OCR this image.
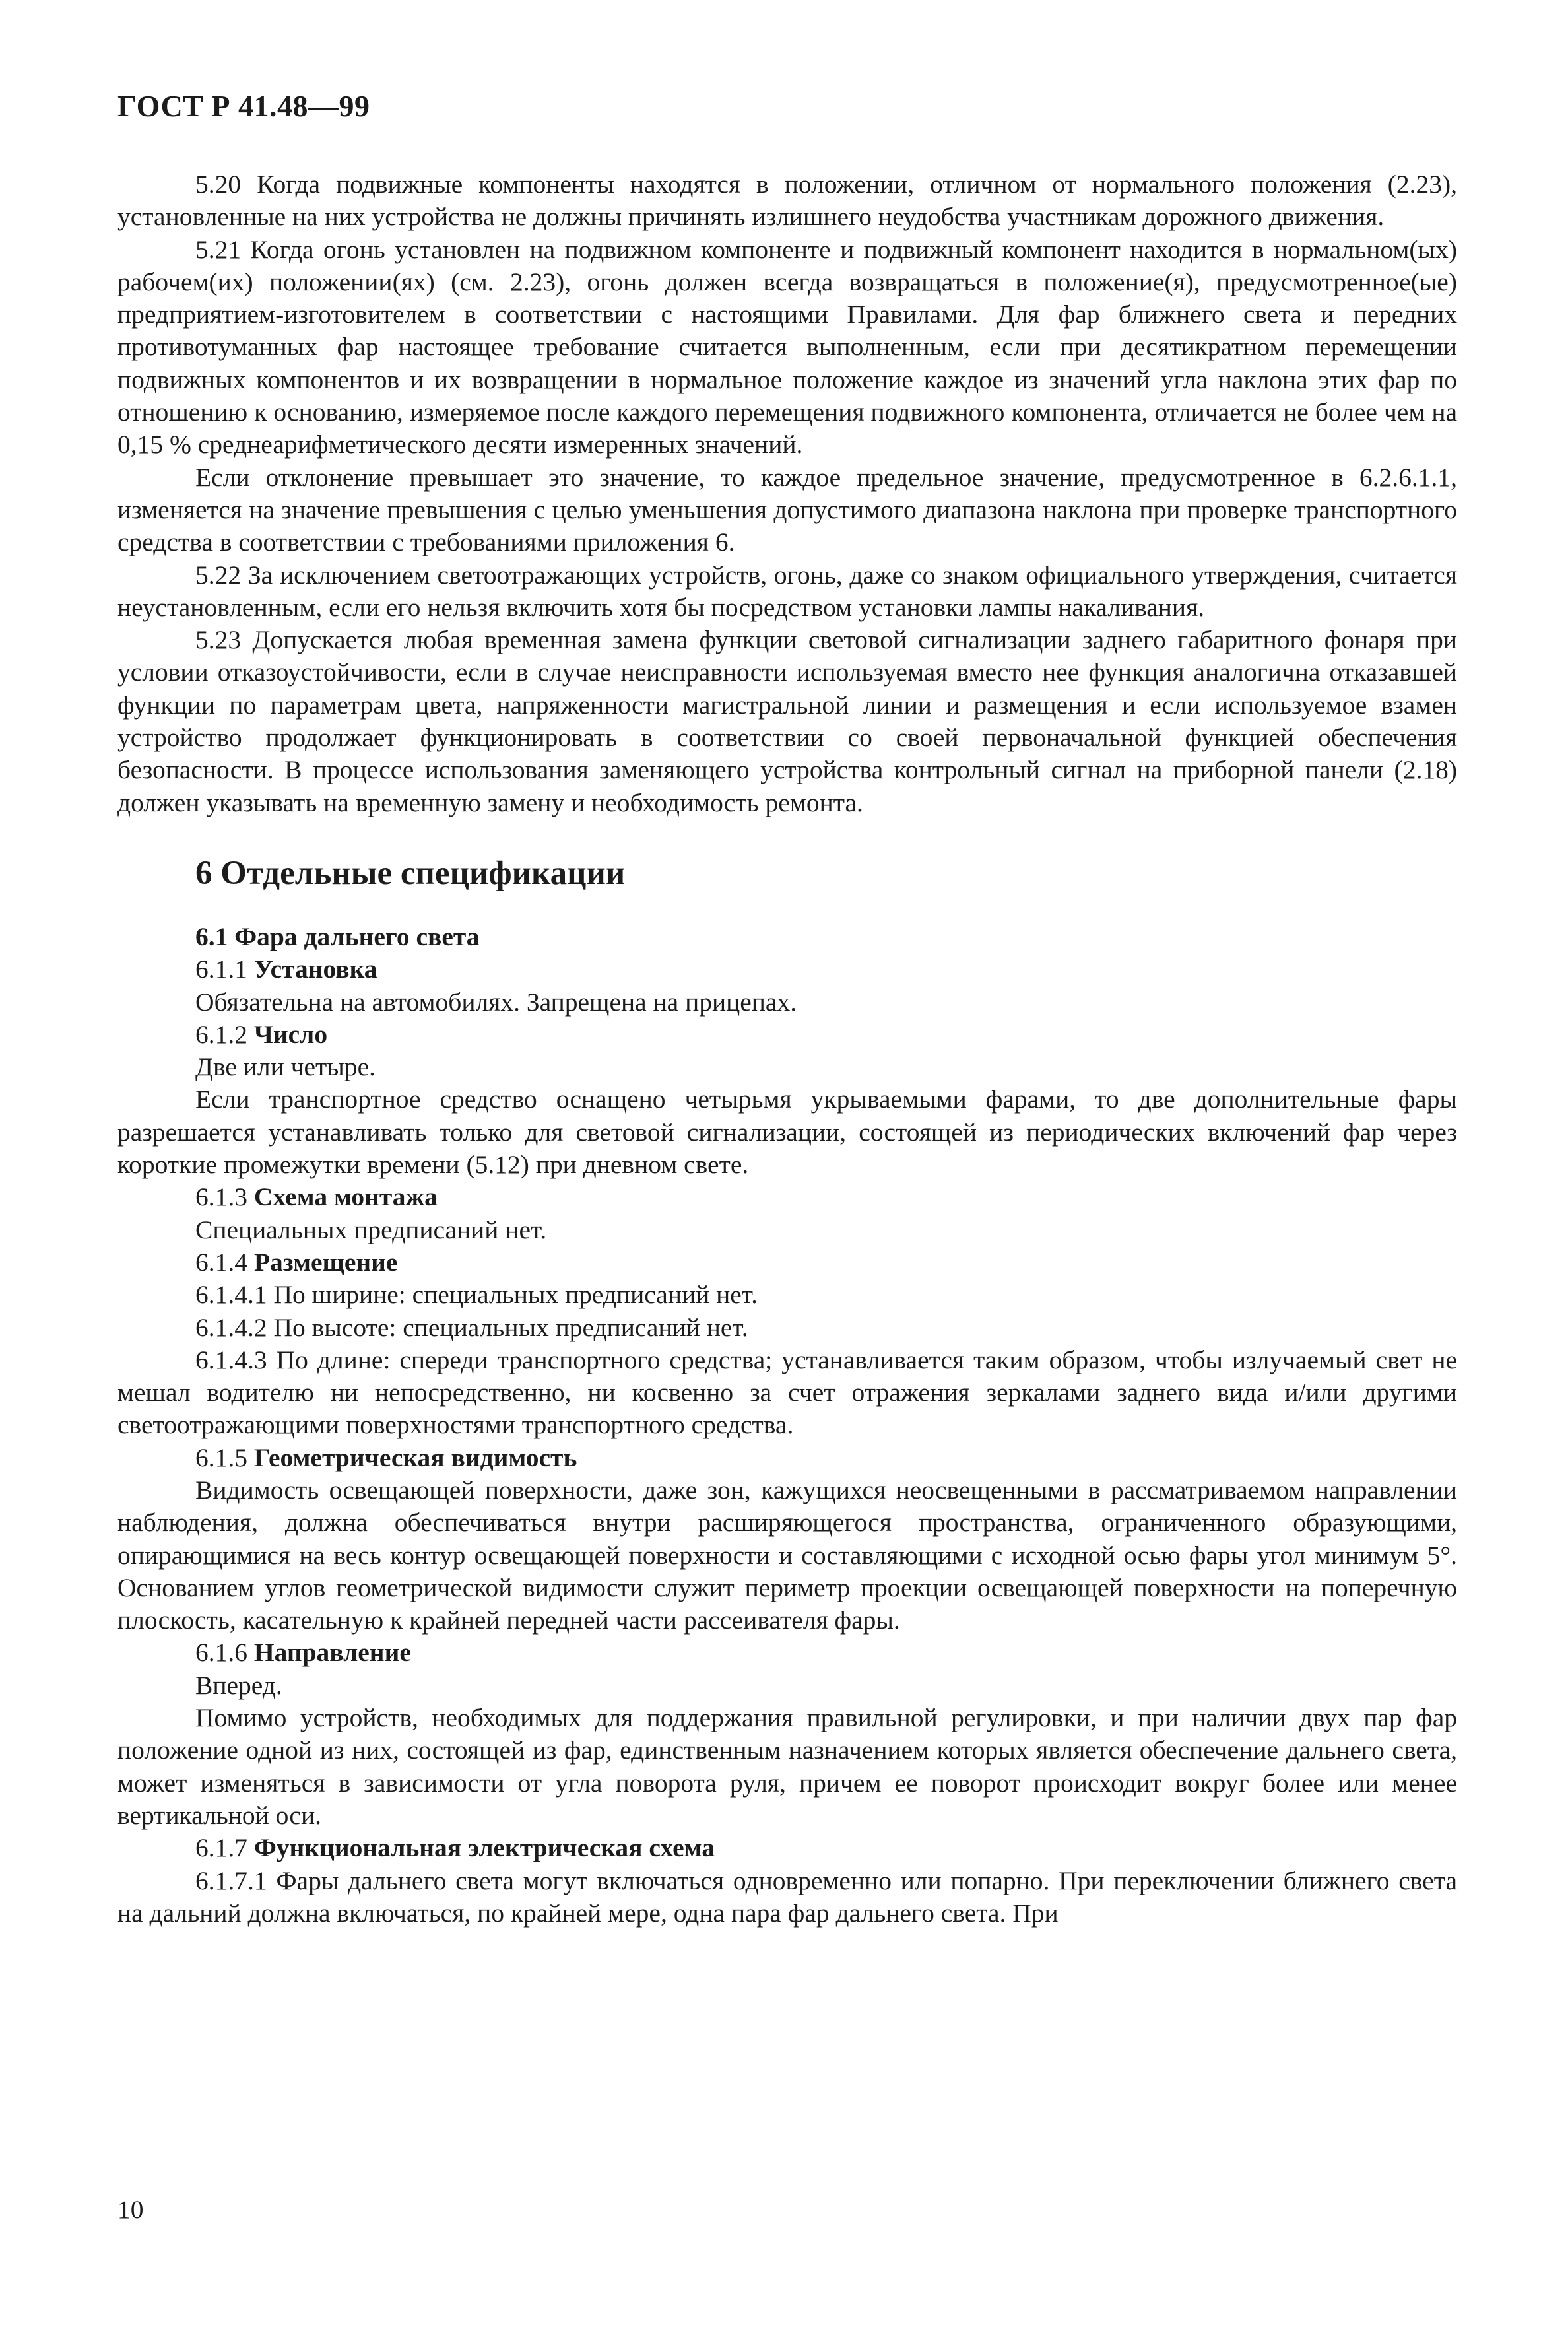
ГОСТ Р 41.48—99

5.20 Когда подвижные компоненты находятся в положении, отличном от нормального положения (2.23), установленные на них устройства не должны причинять излишнего неудобства участникам дорожного движения.

5.21 Когда огонь установлен на подвижном компоненте и подвижный компонент находится в нормальном(ых) рабочем(их) положении(ях) (см. 2.23), огонь должен всегда возвращаться в положение(я), предусмотренное(ые) предприятием-изготовителем в соответствии с настоящими Правилами. Для фар ближнего света и передних противотуманных фар настоящее требование считается выполненным, если при десятикратном перемещении подвижных компонентов и их возвращении в нормальное положение каждое из значений угла наклона этих фар по отношению к основанию, измеряемое после каждого перемещения подвижного компонента, отличается не более чем на 0,15 % среднеарифметического десяти измеренных значений.

Если отклонение превышает это значение, то каждое предельное значение, предусмотренное в 6.2.6.1.1, изменяется на значение превышения с целью уменьшения допустимого диапазона наклона при проверке транспортного средства в соответствии с требованиями приложения 6.

5.22 За исключением светоотражающих устройств, огонь, даже со знаком официального утверждения, считается неустановленным, если его нельзя включить хотя бы посредством установки лампы накаливания.

5.23 Допускается любая временная замена функции световой сигнализации заднего габаритного фонаря при условии отказоустойчивости, если в случае неисправности используемая вместо нее функция аналогична отказавшей функции по параметрам цвета, напряженности магистральной линии и размещения и если используемое взамен устройство продолжает функционировать в соответствии со своей первоначальной функцией обеспечения безопасности. В процессе использования заменяющего устройства контрольный сигнал на приборной панели (2.18) должен указывать на временную замену и необходимость ремонта.

6 Отдельные спецификации
6.1 Фара дальнего света
6.1.1 Установка
Обязательна на автомобилях. Запрещена на прицепах.
6.1.2 Число
Две или четыре.

Если транспортное средство оснащено четырьмя укрываемыми фарами, то две дополнительные фары разрешается устанавливать только для световой сигнализации, состоящей из периодических включений фар через короткие промежутки времени (5.12) при дневном свете.

6.1.3 Схема монтажа
Специальных предписаний нет.
6.1.4 Размещение

6.1.4.1 По ширине: специальных предписаний нет.

6.1.4.2 По высоте: специальных предписаний нет.

6.1.4.3 По длине: спереди транспортного средства; устанавливается таким образом, чтобы излучаемый свет не мешал водителю ни непосредственно, ни косвенно за счет отражения зеркалами заднего вида и/или другими светоотражающими поверхностями транспортного средства.

6.1.5 Геометрическая видимость

Видимость освещающей поверхности, даже зон, кажущихся неосвещенными в рассматриваемом направлении наблюдения, должна обеспечиваться внутри расширяющегося пространства, ограниченного образующими, опирающимися на весь контур освещающей поверхности и составляющими с исходной осью фары угол минимум 5°. Основанием углов геометрической видимости служит периметр проекции освещающей поверхности на поперечную плоскость, касательную к крайней передней части рассеивателя фары.

6.1.6 Направление
Вперед.

Помимо устройств, необходимых для поддержания правильной регулировки, и при наличии двух пар фар положение одной из них, состоящей из фар, единственным назначением которых является обеспечение дальнего света, может изменяться в зависимости от угла поворота руля, причем ее поворот происходит вокруг более или менее вертикальной оси.

6.1.7 Функциональная электрическая схема

6.1.7.1 Фары дальнего света могут включаться одновременно или попарно. При переключении ближнего света на дальний должна включаться, по крайней мере, одна пара фар дальнего света. При

10
